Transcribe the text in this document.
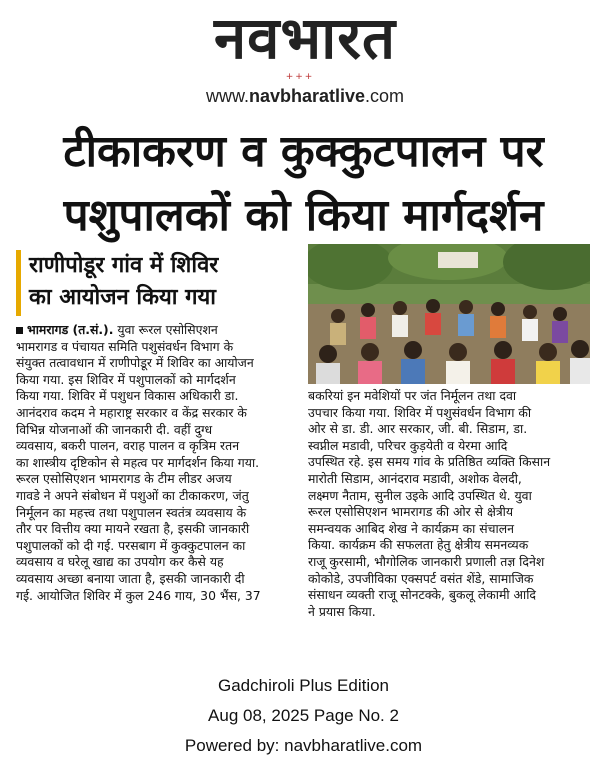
नवभारत
+++
www.navbharatlive.com
टीकाकरण व कुक्कुटपालन पर
पशुपालकों को किया मार्गदर्शन
राणीपोडूर गांव में शिविर
का आयोजन किया गया
भामरागड (त.सं.). युवा रूरल एसोसिएशन
भामरागड व पंचायत समिति पशुसंवर्धन विभाग के
संयुक्त तत्वावधान में राणीपोडूर में शिविर का आयोजन
किया गया. इस शिविर में पशुपालकों को मार्गदर्शन
किया गया. शिविर में पशुधन विकास अधिकारी डा.
आनंदराव कदम ने महाराष्ट्र सरकार व केंद्र सरकार के
विभिन्न योजनाओं की जानकारी दी. वहीं दुग्ध
व्यवसाय, बकरी पालन, वराह पालन व कृत्रिम रतन
का शास्त्रीय दृष्टिकोन से महत्व पर मार्गदर्शन किया गया.
रूरल एसोसिएशन भामरागड के टीम लीडर अजय
गावडे ने अपने संबोधन में पशुओं का टीकाकरण, जंतु
निर्मूलन का महत्त्व तथा पशुपालन स्वतंत्र व्यवसाय के
तौर पर वित्तीय क्या मायने रखता है, इसकी जानकारी
पशुपालकों को दी गई. परसबाग में कुक्कुटपालन का
व्यवसाय व घरेलू खाद्य का उपयोग कर कैसे यह
व्यवसाय अच्छा बनाया जाता है, इसकी जानकारी दी
गई. आयोजित शिविर में कुल 246 गाय, 30 भैंस, 37
बकरियां इन मवेशियों पर जंत निर्मूलन तथा दवा
उपचार किया गया. शिविर में पशुसंवर्धन विभाग की
ओर से डा. डी. आर सरकार, जी. बी. सिडाम, डा.
स्वप्नील मडावी, परिचर कुड़येती व येरमा आदि
उपस्थित रहे. इस समय गांव के प्रतिष्ठित व्यक्ति किसान
मारोती सिडाम, आनंदराव मडावी, अशोक वेलदी,
लक्ष्मण नैताम, सुनील उइके आदि उपस्थित थे. युवा
रूरल एसोसिएशन भामरागड की ओर से क्षेत्रीय
समन्वयक आबिद शेख ने कार्यक्रम का संचालन
किया. कार्यक्रम की सफलता हेतु क्षेत्रीय समनव्यक
राजू कुरसामी, भौगोलिक जानकारी प्रणाली तज्ञ दिनेश
कोकोडे, उपजीविका एक्सपर्ट वसंत शेंडे, सामाजिक
संसाधन व्यक्ती राजू सोनटक्के, बुकलू लेकामी आदि
ने प्रयास किया.
Gadchiroli Plus Edition
Aug 08, 2025 Page No. 2
Powered by: navbharatlive.com
